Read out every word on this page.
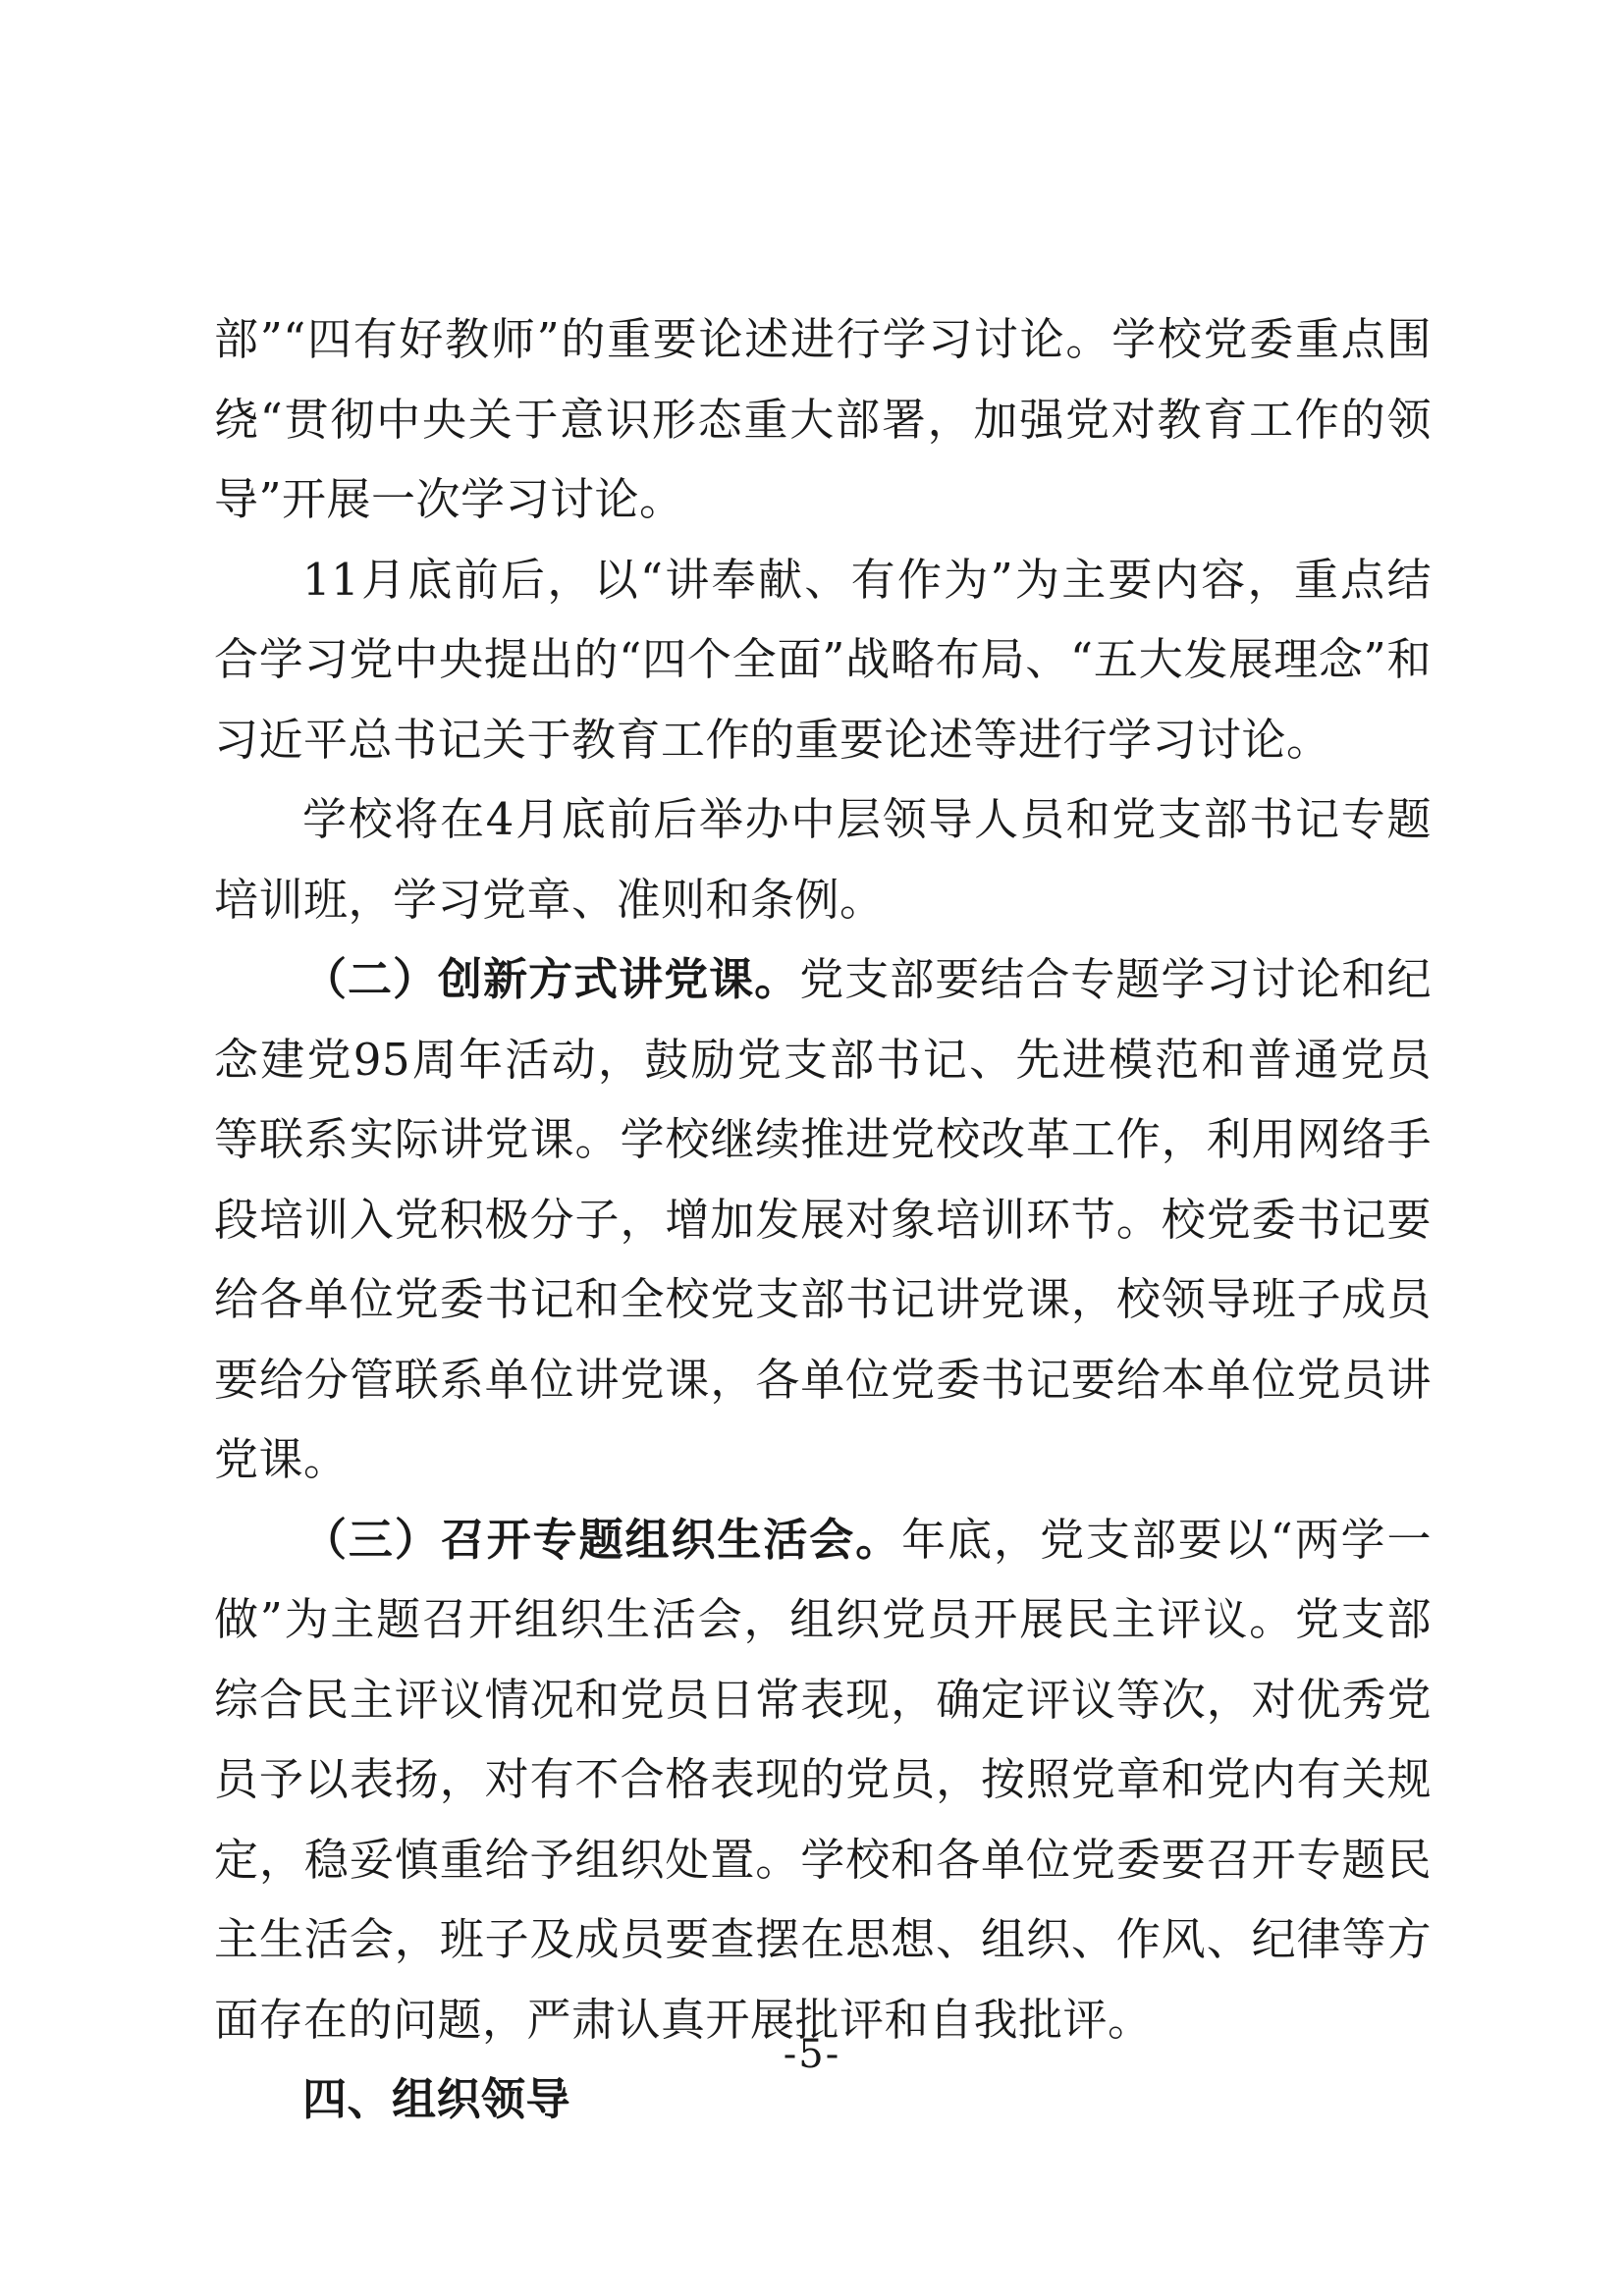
部”“四有好教师”的重要论述进行学习讨论。学校党委重点围绕“贯彻中央关于意识形态重大部署，加强党对教育工作的领导”开展一次学习讨论。

11月底前后，以“讲奉献、有作为”为主要内容，重点结合学习党中央提出的“四个全面”战略布局、“五大发展理念”和习近平总书记关于教育工作的重要论述等进行学习讨论。

学校将在4月底前后举办中层领导人员和党支部书记专题培训班，学习党章、准则和条例。

（二）创新方式讲党课。党支部要结合专题学习讨论和纪念建党95周年活动，鼓励党支部书记、先进模范和普通党员等联系实际讲党课。学校继续推进党校改革工作，利用网络手段培训入党积极分子，增加发展对象培训环节。校党委书记要给各单位党委书记和全校党支部书记讲党课，校领导班子成员要给分管联系单位讲党课，各单位党委书记要给本单位党员讲党课。

（三）召开专题组织生活会。年底，党支部要以“两学一做”为主题召开组织生活会，组织党员开展民主评议。党支部综合民主评议情况和党员日常表现，确定评议等次，对优秀党员予以表扬，对有不合格表现的党员，按照党章和党内有关规定，稳妥慎重给予组织处置。学校和各单位党委要召开专题民主生活会，班子及成员要查摆在思想、组织、作风、纪律等方面存在的问题，严肃认真开展批评和自我批评。

四、组织领导

-5-
